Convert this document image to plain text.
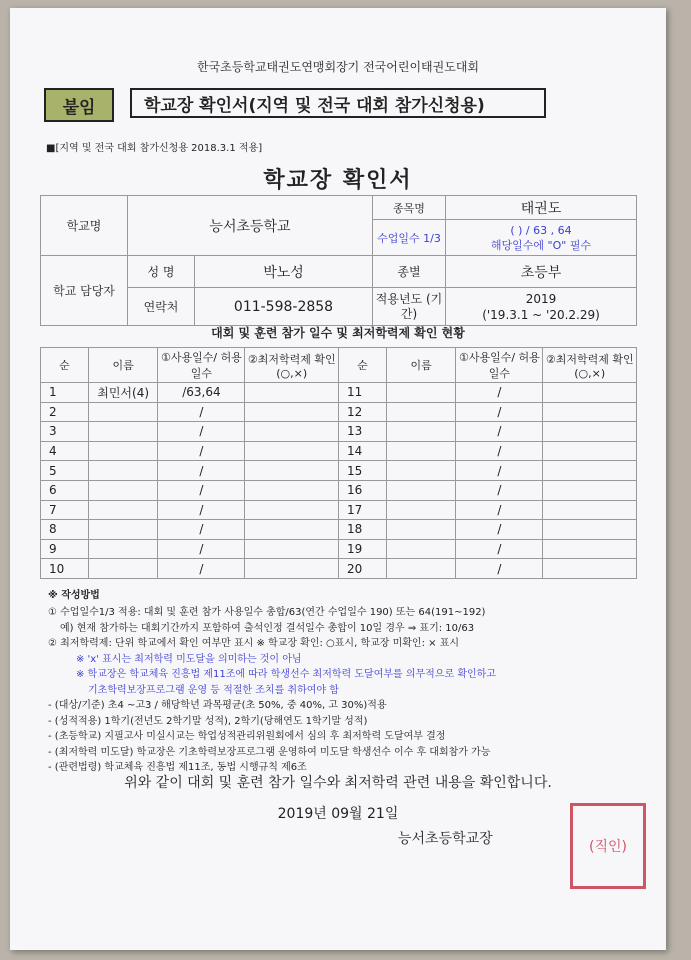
한국초등학교태권도연맹회장기 전국어린이태권도대회
붙임	학교장 확인서(지역 및 전국 대회 참가신청용)
■[지역 및 전국 대회 참가신청용 2018.3.1 적용]
학교장 확인서
학교명	능서초등학교		종목명	태권도
			수업일수 1/3	( ) / 63 , 64
해당일수에 "O" 필수

학교 담당자	성 명	박노성	종별	초등부
	연락처	011-598-2858	적용년도 (기간)	2019
('19.3.1 ~ '20.2.29)
대회 및 훈련 참가 일수 및 최저학력제 확인 현황
순	이름	①사용일수/ 허용일수	②최저학력제 확인(○,×)	순	이름	①사용일수/ 허용일수	②최저학력제 확인(○,×)
1	최민서(4)	/63,64		11		/	
2		/		12		/	
3		/		13		/	
4		/		14		/	
5		/		15		/	
6		/		16		/	
7		/		17		/	
8		/		18		/	
9		/		19		/	
10		/		20		/	
※ 작성방법
① 수업일수1/3 적용: 대회 및 훈련 참가 사용일수 총합/63(연간 수업일수 190) 또는 64(191~192)
예) 현재 참가하는 대회기간까지 포함하여 출석인정 결석일수 총합이 10일 경우 ⇒ 표기: 10/63
② 최저학력제: 단위 학교에서 확인 여부만 표시 ※ 학교장 확인: ○표시, 학교장 미확인: × 표시
※ 'x' 표시는 최저학력 미도달을 의미하는 것이 아님
※ 학교장은 학교체육 진흥법 제11조에 따라 학생선수 최저학력 도달여부를 의무적으로 확인하고
기초학력보장프로그램 운영 등 적절한 조치를 취하여야 함
- (대상/기준) 초4 ~고3 / 해당학년 과목평균(초 50%, 중 40%, 고 30%)적용
- (성적적용) 1학기(전년도 2학기말 성적), 2학기(당해연도 1학기말 성적)
- (초등학교) 지필고사 미실시교는 학업성적관리위원회에서 심의 후 최저학력 도달여부 결정
- (최저학력 미도달) 학교장은 기초학력보장프로그램 운영하여 미도달 학생선수 이수 후 대회참가 가능
- (관련법령) 학교체육 진흥법 제11조, 동법 시행규칙 제6조
위와 같이 대회 및 훈련 참가 일수와 최저학력 관련 내용을 확인합니다.
2019년 09월 21일
능서초등학교장	(직인)
